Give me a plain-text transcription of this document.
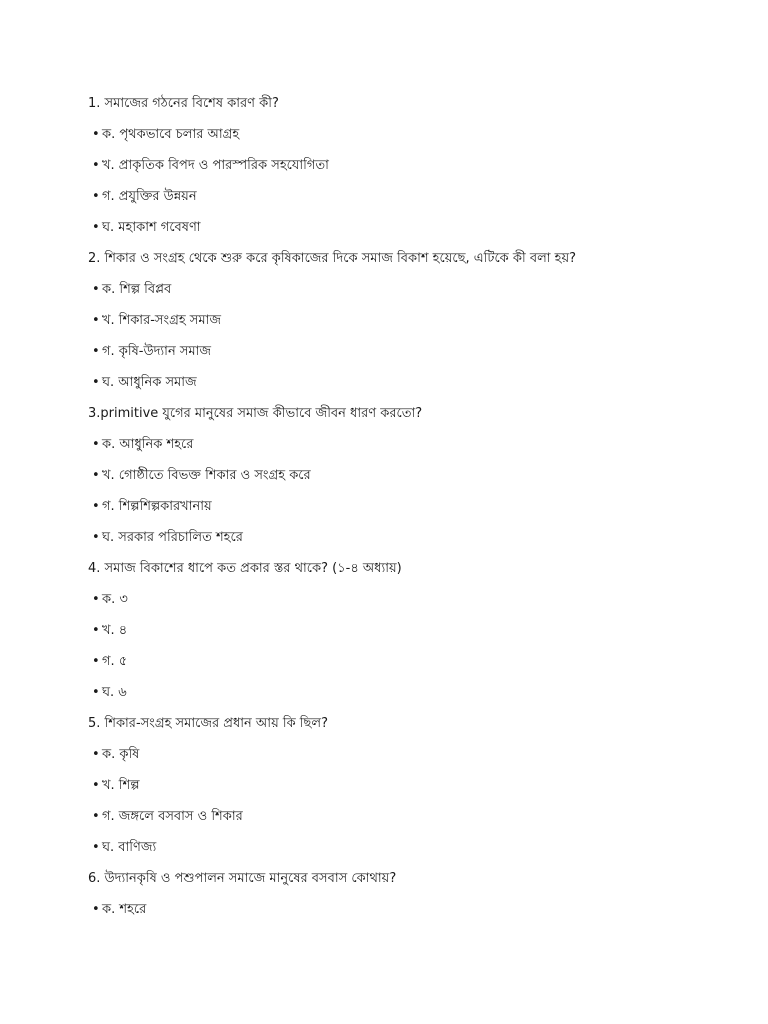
1. সমাজের গঠনের বিশেষ কারণ কী?
• ক. পৃথকভাবে চলার আগ্রহ
• খ. প্রাকৃতিক বিপদ ও পারস্পরিক সহযোগিতা
• গ. প্রযুক্তির উন্নয়ন
• ঘ. মহাকাশ গবেষণা
2. শিকার ও সংগ্রহ থেকে শুরু করে কৃষিকাজের দিকে সমাজ বিকাশ হয়েছে, এটিকে কী বলা হয়?
• ক. শিল্প বিপ্লব
• খ. শিকার-সংগ্রহ সমাজ
• গ. কৃষি-উদ্যান সমাজ
• ঘ. আধুনিক সমাজ
3.primitive যুগের মানুষের সমাজ কীভাবে জীবন ধারণ করতো?
• ক. আধুনিক শহরে
• খ. গোষ্ঠীতে বিভক্ত শিকার ও সংগ্রহ করে
• গ. শিল্পশিল্পকারখানায়
• ঘ. সরকার পরিচালিত শহরে
4. সমাজ বিকাশের ধাপে কত প্রকার স্তর থাকে? (১-৪ অধ্যায়)
• ক. ৩
• খ. ৪
• গ. ৫
• ঘ. ৬
5. শিকার-সংগ্রহ সমাজের প্রধান আয় কি ছিল?
• ক. কৃষি
• খ. শিল্প
• গ. জঙ্গলে বসবাস ও শিকার
• ঘ. বাণিজ্য
6. উদ্যানকৃষি ও পশুপালন সমাজে মানুষের বসবাস কোথায়?
• ক. শহরে
